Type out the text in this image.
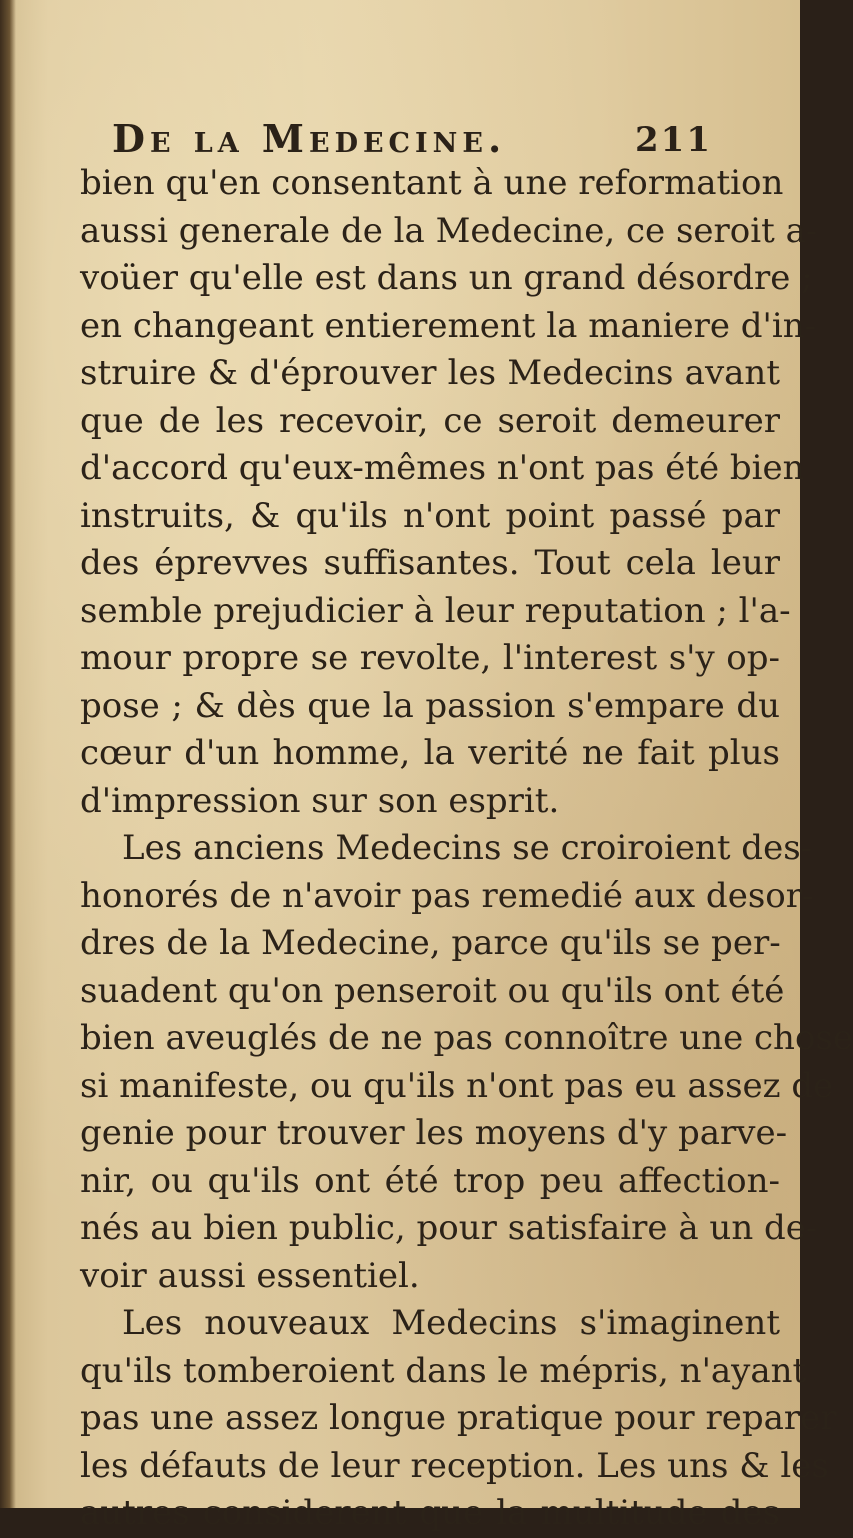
De la Medecine.	211
bien qu'en consentant à une reformation
aussi generale de la Medecine, ce seroit a-
voüer qu'elle est dans un grand désordre ;
en changeant entierement la maniere d'in-
struire & d'éprouver les Medecins avant
que de les recevoir, ce seroit demeurer
d'accord qu'eux-mêmes n'ont pas été bien
instruits, & qu'ils n'ont point passé par
des éprevves suffisantes. Tout cela leur
semble prejudicier à leur reputation ; l'a-
mour propre se revolte, l'interest s'y op-
pose ; & dès que la passion s'empare du
cœur d'un homme, la verité ne fait plus
d'impression sur son esprit.
Les anciens Medecins se croiroient des-
honorés de n'avoir pas remedié aux desor-
dres de la Medecine, parce qu'ils se per-
suadent qu'on penseroit ou qu'ils ont été
bien aveuglés de ne pas connoître une chose
si manifeste, ou qu'ils n'ont pas eu assez de
genie pour trouver les moyens d'y parve-
nir, ou qu'ils ont été trop peu affection-
nés au bien public, pour satisfaire à un de-
voir aussi essentiel.
Les nouveaux Medecins s'imaginent
qu'ils tomberoient dans le mépris, n'ayant
pas une assez longue pratique pour reparer
les défauts de leur reception. Les uns & les
autres considerent que la multitude des
